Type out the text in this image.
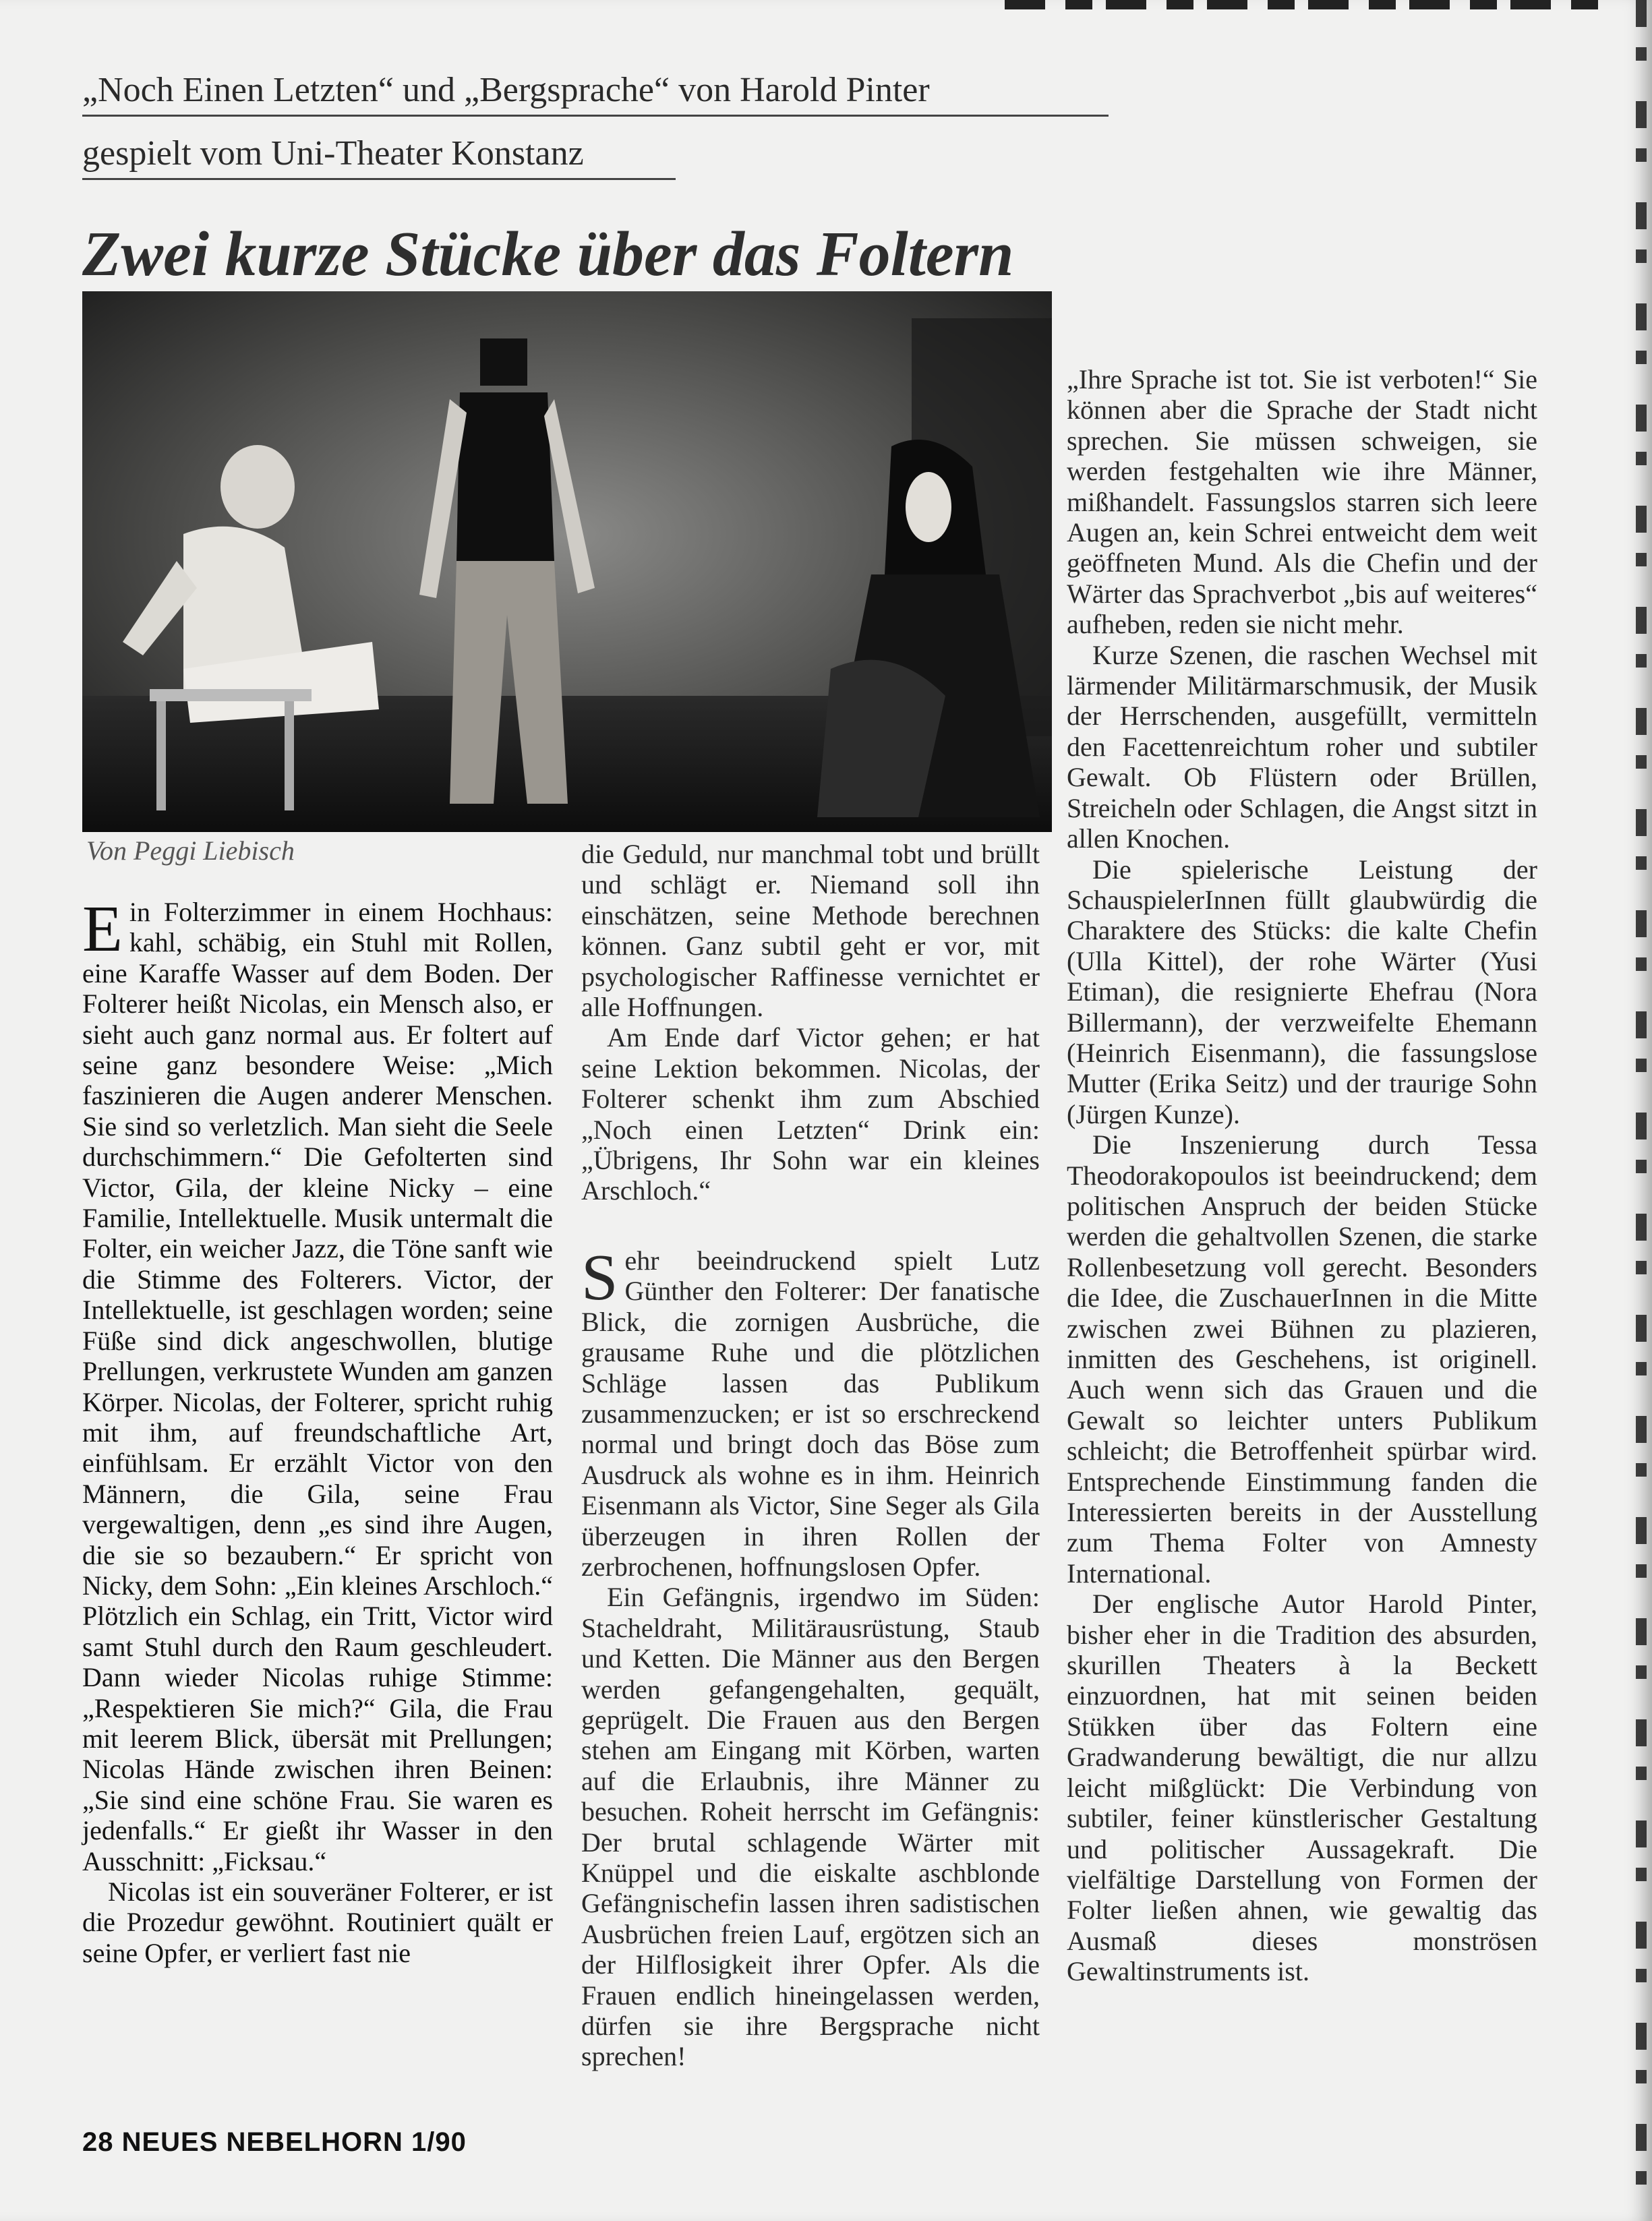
„Noch Einen Letzten“ und „Bergsprache“ von Harold Pinter
gespielt vom Uni-Theater Konstanz
Zwei kurze Stücke über das Foltern
Von Peggi Liebisch

Ein Folterzimmer in einem Hochhaus: kahl, schäbig, ein Stuhl mit Rollen, eine Karaffe Wasser auf dem Boden. Der Folterer heißt Nicolas, ein Mensch also, er sieht auch ganz normal aus. Er foltert auf seine ganz besondere Weise: „Mich faszinieren die Augen anderer Menschen. Sie sind so verletzlich. Man sieht die Seele durchschimmern.“ Die Gefolterten sind Victor, Gila, der kleine Nicky – eine Familie, Intellektuelle. Musik untermalt die Folter, ein weicher Jazz, die Töne sanft wie die Stimme des Folterers. Victor, der Intellektuelle, ist geschlagen worden; seine Füße sind dick angeschwollen, blutige Prellungen, verkrustete Wunden am ganzen Körper. Nicolas, der Folterer, spricht ruhig mit ihm, auf freundschaftliche Art, einfühlsam. Er erzählt Victor von den Männern, die Gila, seine Frau vergewaltigen, denn „es sind ihre Augen, die sie so bezaubern.“ Er spricht von Nicky, dem Sohn: „Ein kleines Arschloch.“ Plötzlich ein Schlag, ein Tritt, Victor wird samt Stuhl durch den Raum geschleudert. Dann wieder Nicolas ruhige Stimme: „Respektieren Sie mich?“ Gila, die Frau mit leerem Blick, übersät mit Prellungen; Nicolas Hände zwischen ihren Beinen: „Sie sind eine schöne Frau. Sie waren es jedenfalls.“ Er gießt ihr Wasser in den Ausschnitt: „Ficksau.“

Nicolas ist ein souveräner Folterer, er ist die Prozedur gewöhnt. Routiniert quält er seine Opfer, er verliert fast nie

die Geduld, nur manchmal tobt und brüllt und schlägt er. Niemand soll ihn einschätzen, seine Methode berechnen können. Ganz subtil geht er vor, mit psychologischer Raffinesse vernichtet er alle Hoffnungen.

Am Ende darf Victor gehen; er hat seine Lektion bekommen. Nicolas, der Folterer schenkt ihm zum Abschied „Noch einen Letzten“ Drink ein: „Übrigens, Ihr Sohn war ein kleines Arschloch.“

Sehr beeindruckend spielt Lutz Günther den Folterer: Der fanatische Blick, die zornigen Ausbrüche, die grausame Ruhe und die plötzlichen Schläge lassen das Publikum zusammenzucken; er ist so erschreckend normal und bringt doch das Böse zum Ausdruck als wohne es in ihm. Heinrich Eisenmann als Victor, Sine Seger als Gila überzeugen in ihren Rollen der zerbrochenen, hoffnungslosen Opfer.

Ein Gefängnis, irgendwo im Süden: Stacheldraht, Militärausrüstung, Staub und Ketten. Die Männer aus den Bergen werden gefangengehalten, gequält, geprügelt. Die Frauen aus den Bergen stehen am Eingang mit Körben, warten auf die Erlaubnis, ihre Männer zu besuchen. Roheit herrscht im Gefängnis: Der brutal schlagende Wärter mit Knüppel und die eiskalte aschblonde Gefängnischefin lassen ihren sadistischen Ausbrüchen freien Lauf, ergötzen sich an der Hilflosigkeit ihrer Opfer. Als die Frauen endlich hineingelassen werden, dürfen sie ihre Bergsprache nicht sprechen!

„Ihre Sprache ist tot. Sie ist verboten!“ Sie können aber die Sprache der Stadt nicht sprechen. Sie müssen schweigen, sie werden festgehalten wie ihre Männer, mißhandelt. Fassungslos starren sich leere Augen an, kein Schrei entweicht dem weit geöffneten Mund. Als die Chefin und der Wärter das Sprachverbot „bis auf weiteres“ aufheben, reden sie nicht mehr.

Kurze Szenen, die raschen Wechsel mit lärmender Militärmarschmusik, der Musik der Herrschenden, ausgefüllt, vermitteln den Facettenreichtum roher und subtiler Gewalt. Ob Flüstern oder Brüllen, Streicheln oder Schlagen, die Angst sitzt in allen Knochen.

Die spielerische Leistung der SchauspielerInnen füllt glaubwürdig die Charaktere des Stücks: die kalte Chefin (Ulla Kittel), der rohe Wärter (Yusi Etiman), die resignierte Ehefrau (Nora Billermann), der verzweifelte Ehemann (Heinrich Eisenmann), die fassungslose Mutter (Erika Seitz) und der traurige Sohn (Jürgen Kunze).

Die Inszenierung durch Tessa Theodorakopoulos ist beeindruckend; dem politischen Anspruch der beiden Stücke werden die gehaltvollen Szenen, die starke Rollenbesetzung voll gerecht. Besonders die Idee, die ZuschauerInnen in die Mitte zwischen zwei Bühnen zu plazieren, inmitten des Geschehens, ist originell. Auch wenn sich das Grauen und die Gewalt so leichter unters Publikum schleicht; die Betroffenheit spürbar wird. Entsprechende Einstimmung fanden die Interessierten bereits in der Ausstellung zum Thema Folter von Amnesty International.

Der englische Autor Harold Pinter, bisher eher in die Tradition des absurden, skurillen Theaters à la Beckett einzuordnen, hat mit seinen beiden Stükken über das Foltern eine Gradwanderung bewältigt, die nur allzu leicht mißglückt: Die Verbindung von subtiler, feiner künstlerischer Gestaltung und politischer Aussagekraft. Die vielfältige Darstellung von Formen der Folter ließen ahnen, wie gewaltig das Ausmaß dieses monströsen Gewaltinstruments ist.

28 NEUES NEBELHORN 1/90
